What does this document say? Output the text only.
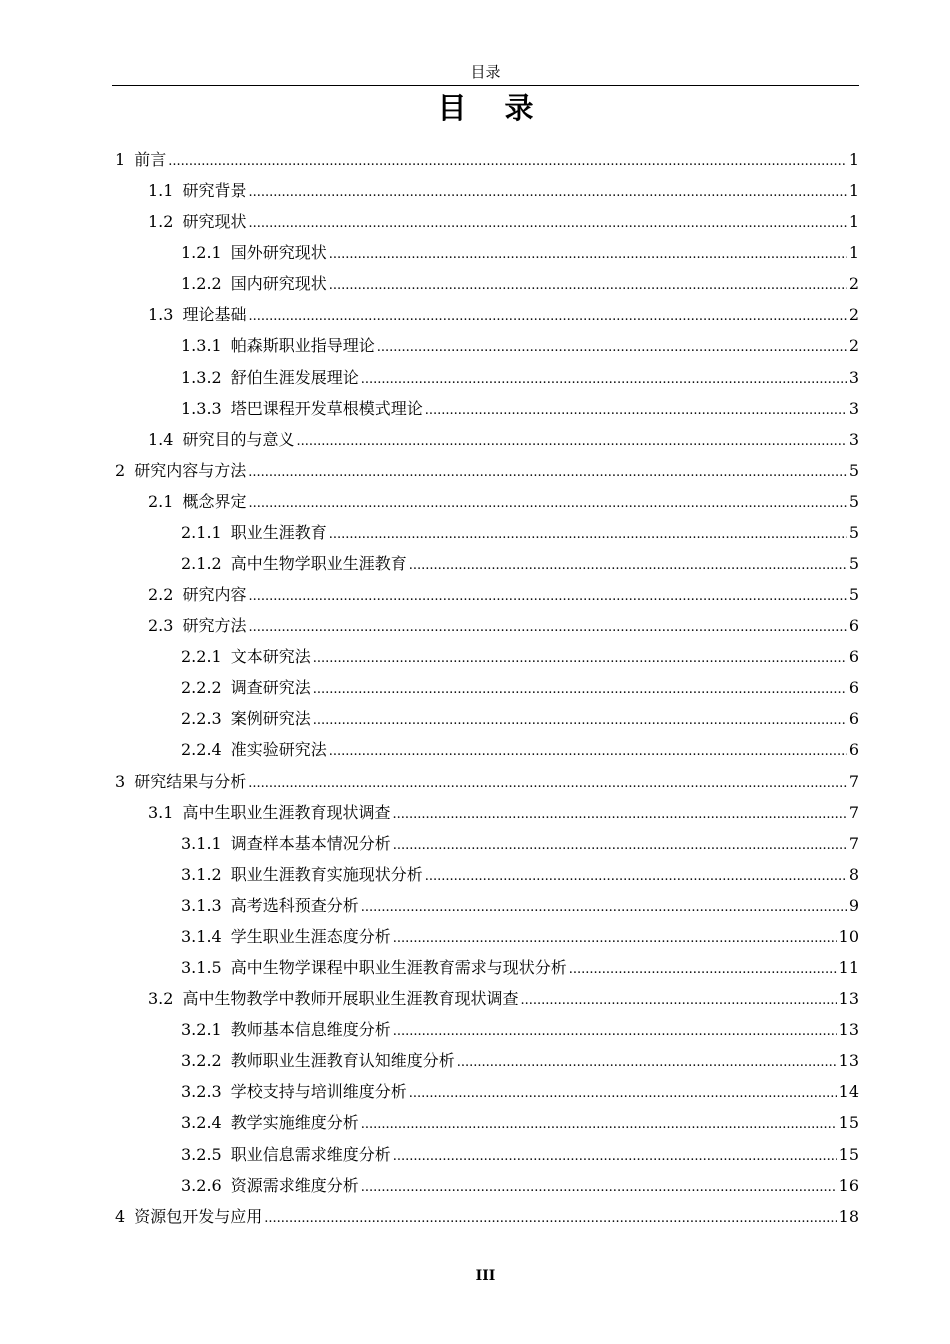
目录
目 录
1 前言 .....	1
1.1 研究背景 .....	1
1.2 研究现状 .....	1
1.2.1 国外研究现状 .....	1
1.2.2 国内研究现状 .....	2
1.3 理论基础 .....	2
1.3.1 帕森斯职业指导理论 .....	2
1.3.2 舒伯生涯发展理论 .....	3
1.3.3 塔巴课程开发草根模式理论 .....	3
1.4 研究目的与意义 .....	3
2 研究内容与方法 .....	5
2.1 概念界定 .....	5
2.1.1 职业生涯教育 .....	5
2.1.2 高中生物学职业生涯教育 .....	5
2.2 研究内容 .....	5
2.3 研究方法 .....	6
2.2.1 文本研究法 .....	6
2.2.2 调查研究法 .....	6
2.2.3 案例研究法 .....	6
2.2.4 准实验研究法 .....	6
3 研究结果与分析 .....	7
3.1 高中生职业生涯教育现状调查 .....	7
3.1.1 调查样本基本情况分析 .....	7
3.1.2 职业生涯教育实施现状分析 .....	8
3.1.3 高考选科预查分析 .....	9
3.1.4 学生职业生涯态度分析 .....	10
3.1.5 高中生物学课程中职业生涯教育需求与现状分析 .....	11
3.2 高中生物教学中教师开展职业生涯教育现状调查 .....	13
3.2.1 教师基本信息维度分析 .....	13
3.2.2 教师职业生涯教育认知维度分析 .....	13
3.2.3 学校支持与培训维度分析 .....	14
3.2.4 教学实施维度分析 .....	15
3.2.5 职业信息需求维度分析 .....	15
3.2.6 资源需求维度分析 .....	16
4 资源包开发与应用 .....	18
III
